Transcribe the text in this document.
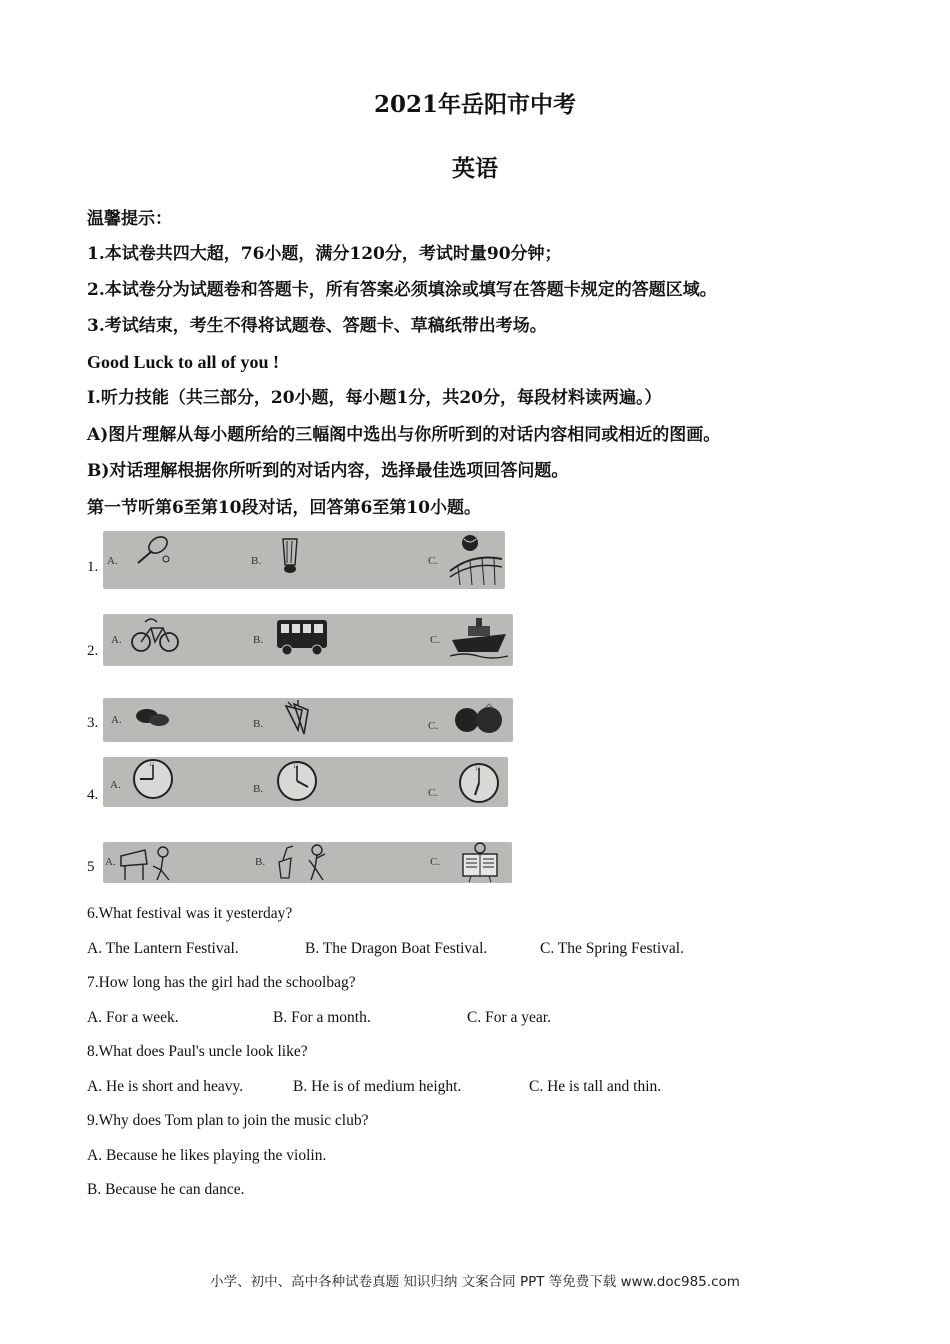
2021年岳阳市中考
英语
温馨提示：
1.本试卷共四大超，76小题，满分120分，考试时量90分钟；
2.本试卷分为试题卷和答题卡，所有答案必须填涂或填写在答题卡规定的答题区域。
3.考试结束，考生不得将试题卷、答题卡、草稿纸带出考场。
Good Luck to all of you !
I.听力技能（共三部分，20小题，每小题1分，共20分，每段材料读两遍。）
A)图片理解从每小题所给的三幅阁中选出与你所听到的对话内容相同或相近的图画。
B)对话理解根据你所听到的对话内容，选择最佳选项回答问题。
第一节听第6至第10段对话，回答第6至第10小题。
1. A.	B.	C.
2.
A.	B.	C.
3. A.	B.	C.
4.
A.	B.	C.
12	12	12
5 A.	B.	C.
6.What festival was it yesterday?
A. The Lantern Festival.	B. The Dragon Boat Festival.	C. The Spring Festival.
7.How long has the girl had the schoolbag?
A. For a week.	B. For a month.	C. For a year.
8.What does Paul's uncle look like?
A. He is short and heavy.	B. He is of medium height.	C. He is tall and thin.
9.Why does Tom plan to join the music club?
A. Because he likes playing the violin.
B. Because he can dance.
小学、初中、高中各种试卷真题 知识归纳 文案合同 PPT 等免费下载 www.doc985.com
